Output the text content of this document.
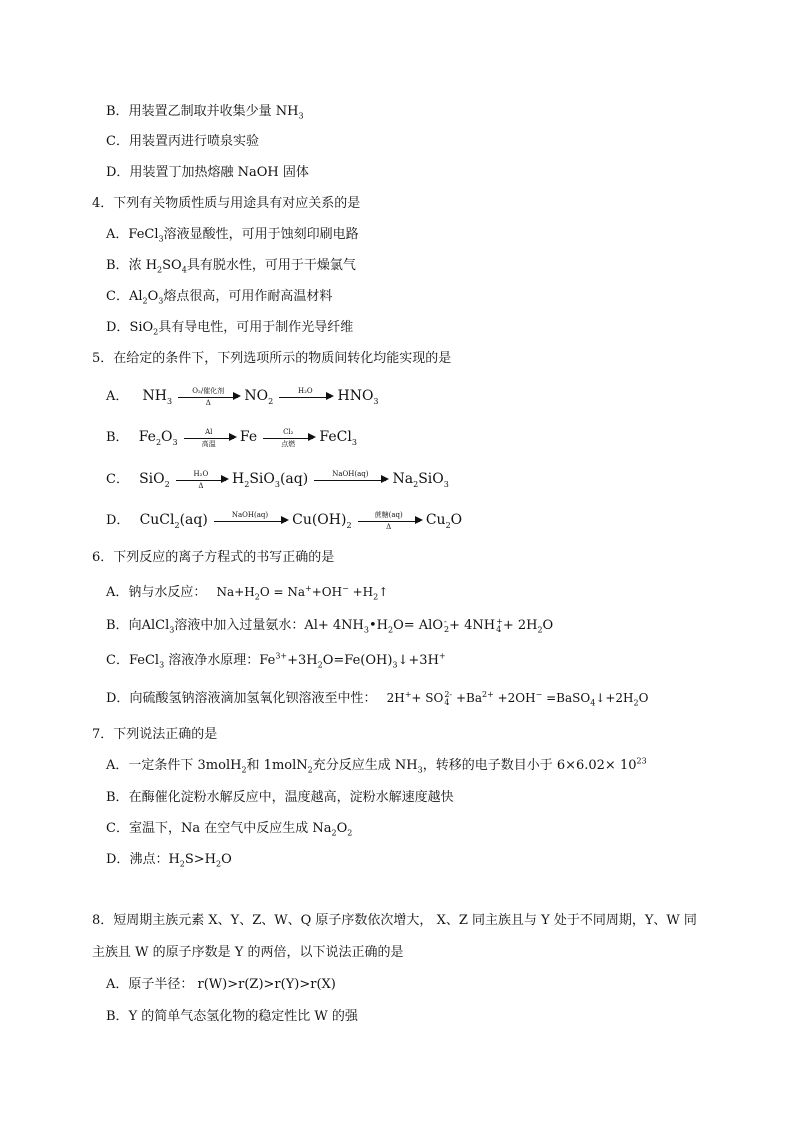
B．用装置乙制取并收集少量 $NH_3$
C．用装置丙进行喷泉实验
D．用装置丁加热熔融 NaOH 固体
4．下列有关物质性质与用途具有对应关系的是
A．FeCl$_3$溶液显酸性，可用于蚀刻印刷电路
B．浓 $H_2SO_4$具有脱水性，可用于干燥氯气
C．$Al_2O_3$熔点很高，可用作耐高温材料
D．SiO$_2$具有导电性，可用于制作光导纤维
5．在给定的条件下，下列选项所示的物质间转化均能实现的是
A． $NH_3$
O₂/催化剂
Δ	$NO_2$
H₂O	$HNO_3$
B． $Fe_2O_3$
Al
高温	Fe	Cl₂
点燃	FeCl$_3$
C． SiO$_2$
$\frac{\text{H₂O}}{\Delta} H_2SiO_3(aq)$	NaOH(aq)	$Na_2SiO_3$
D． CuCl$_2$(aq)	NaOH(aq)	$Cu(OH)_2$
蔗糖(aq)
Δ	$Cu_2O$
6．下列反应的离子方程式的书写正确的是
A．钠与水反应： $Na+H_2O = Na^++OH^-$ $+H_2↑$
B．向AlCl$_3$溶液中加入过量氨水：$Al+ 4NH_3•H_2O=$ AlO -
2 + 4NH +
$4 + 2H_2O$
C．FeCl$_3$ 溶液净水原理：$Fe^{3+}+3H_2O=Fe(OH)_3↓+3H^+$
D．向硫酸氢钠溶液滴加氢氧化钡溶液至中性： 2H++ SO 2-
$4 +Ba^{2+} +2OH^-$ $=BaSO_4↓+2H_2O$
7．下列说法正确的是
A．一定条件下 3molH$_2$和 1molN$_2$充分反应生成 $NH_3$，转移的电子数目小于 $6\times 6.02\times 10^{23}$
B．在酶催化淀粉水解反应中，温度越高，淀粉水解速度越快
C．室温下，Na 在空气中反应生成 $Na_2O_2$
D．沸点：$H_2S>H_2O$
8．短周期主族元素 X、Y、Z、W、Q 原子序数依次增大， X、Z 同主族且与 Y 处于不同周期，Y、W 同
主族且 W 的原子序数是 Y 的两倍，以下说法正确的是
A．原子半径： r(W)>r(Z)>r(Y)>r(X)
B．Y 的简单气态氢化物的稳定性比 W 的强
